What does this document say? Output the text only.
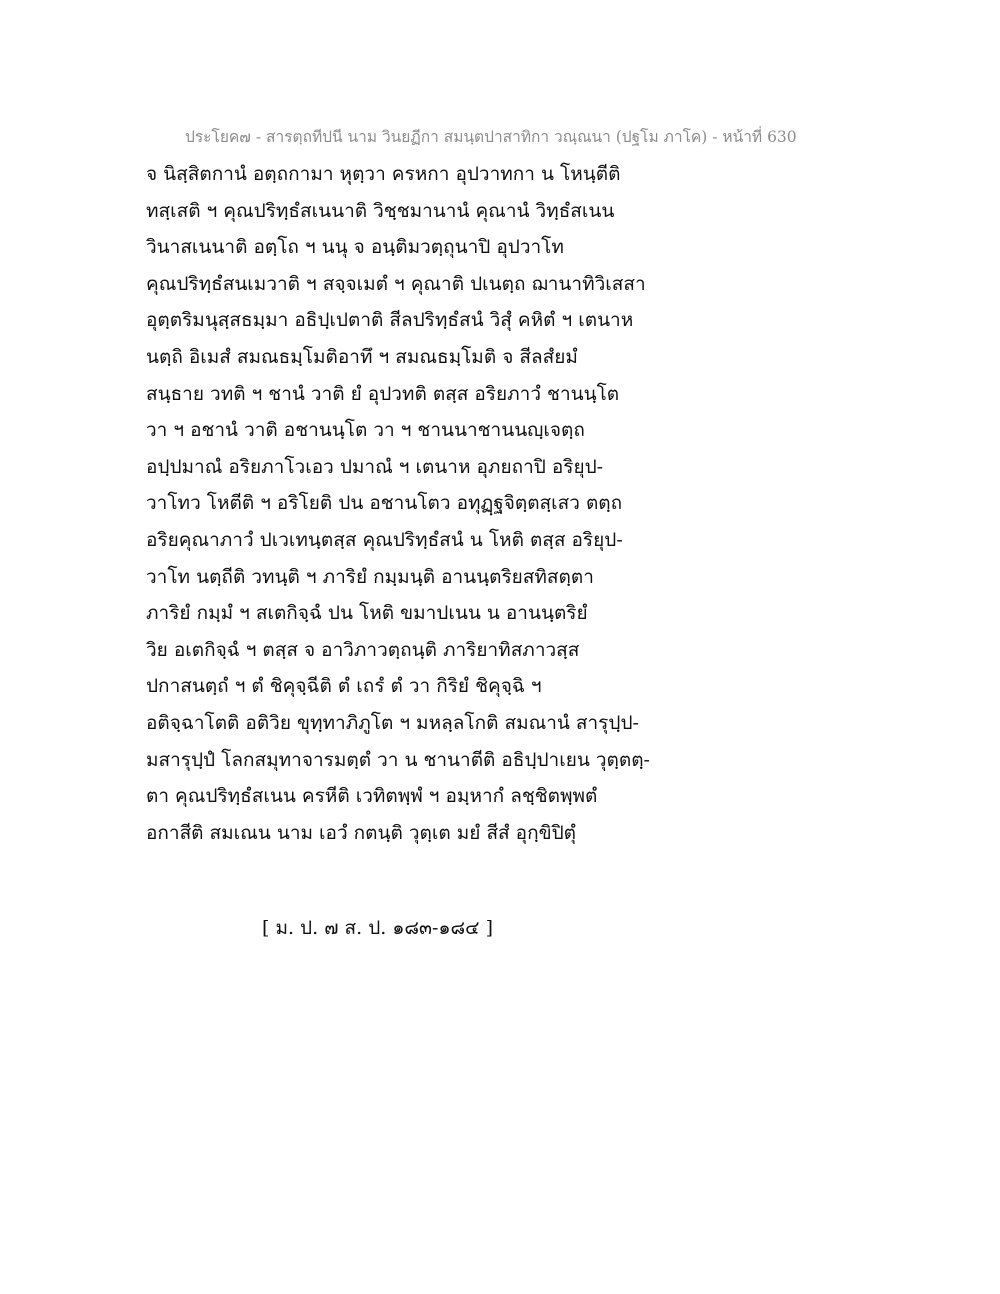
ประโยค๗ - สารตฺถทีปนี นาม วินยฏีกา สมนฺตปาสาทิกา วณฺณนา (ปฐโม ภาโค) - หน้าที่ 630
จ นิสฺสิตกานํ อตฺถกามา หุตฺวา ครหกา อุปวาทกา น โหนฺตีติ
ทสฺเสติ ฯ คุณปริทฺธํสเนนาติ วิชฺชมานานํ คุณานํ วิทฺธํสเนน
วินาสเนนาติ อตฺโถ ฯ นนุ จ อนฺติมวตฺถุนาปิ อุปวาโท
คุณปริทฺธํสนเมวาติ ฯ สจฺจเมตํ ฯ คุณาติ ปเนตฺถ ฌานาทิวิเสสา
อุตฺตริมนุสฺสธมฺมา อธิปฺเปตาติ สีลปริทฺธํสนํ วิสุํ คหิตํ ฯ เตนาห
นตฺถิ อิเมสํ สมณธมฺโมติอาทึ ฯ สมณธมฺโมติ จ สีลสํยมํ
สนฺธาย วทติ ฯ ชานํ วาติ ยํ อุปวทติ ตสฺส อริยภาวํ ชานนฺโต
วา ฯ อชานํ วาติ อชานนฺโต วา ฯ ชานนาชานนญฺเจตฺถ
อปฺปมาณํ อริยภาโวเอว ปมาณํ ฯ เตนาห อุภยถาปิ อริยุป-
วาโทว โหตีติ ฯ อริโยติ ปน อชานโตว อทุฏฺฐจิตฺตสฺเสว ตตฺถ
อริยคุณาภาวํ ปเวเทนฺตสฺส คุณปริทฺธํสนํ น โหติ ตสฺส อริยุป-
วาโท นตฺถีติ วทนฺติ ฯ ภาริยํ กมฺมนฺติ อานนฺตริยสทิสตฺตา
ภาริยํ กมฺมํ ฯ สเตกิจฺฉํ ปน โหติ ขมาปเนน น อานนฺตริยํ
วิย อเตกิจฺฉํ ฯ ตสฺส จ อาวิภาวตฺถนฺติ ภาริยาทิสภาวสฺส
ปกาสนตฺถํ ฯ ตํ ชิคุจฺฉีติ ตํ เถรํ ตํ วา กิริยํ ชิคุจฺฉิ ฯ
อติจฺฉาโตติ อติวิย ขุทฺทาภิภูโต ฯ มหลฺลโกติ สมณานํ สารุปฺป-
มสารุปฺปํ โลกสมุทาจารมตฺตํ วา น ชานาตีติ อธิปฺปาเยน วุตฺตตฺ-
ตา คุณปริทฺธํสเนน ครหีติ เวทิตพฺพํ ฯ อมฺหากํ ลชฺชิตพฺพตํ
อกาสีติ สมเณน นาม เอวํ กตนฺติ วุตฺเต มยํ สีสํ อุกฺขิปิตุํ
[ ม. ป. ๗ ส. ป. ๑๘๓-๑๘๔ ]
